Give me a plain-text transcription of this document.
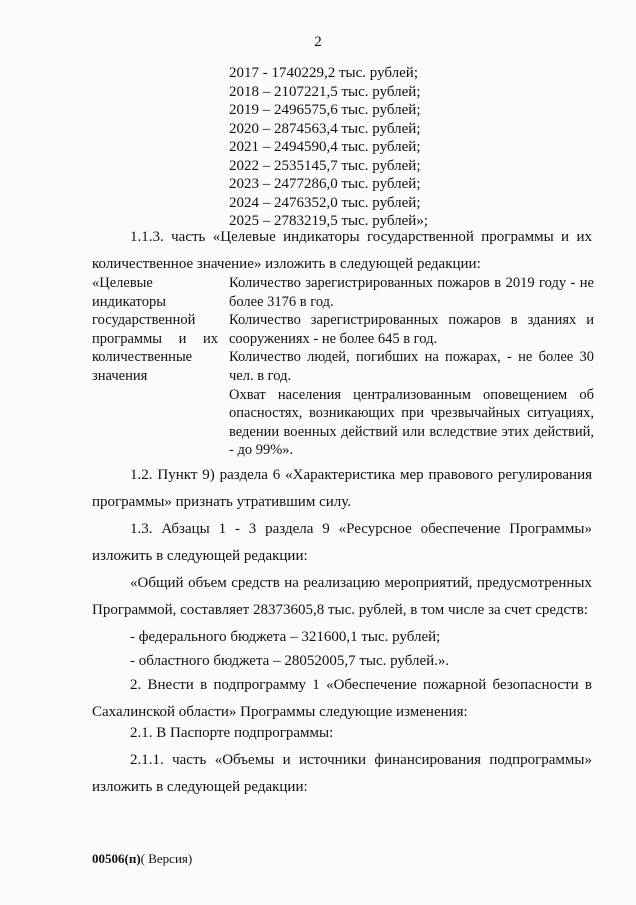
2
2017 - 1740229,2 тыс. рублей;
2018 – 2107221,5 тыс. рублей;
2019 – 2496575,6 тыс. рублей;
2020 – 2874563,4 тыс. рублей;
2021 – 2494590,4 тыс. рублей;
2022 – 2535145,7 тыс. рублей;
2023 – 2477286,0 тыс. рублей;
2024 – 2476352,0 тыс. рублей;
2025 – 2783219,5 тыс. рублей»;
1.1.3. часть «Целевые индикаторы государственной программы и их количественное значение» изложить в следующей редакции:
«Целевые индикаторы государственной программы и их количественные значения
Количество зарегистрированных пожаров в 2019 году - не более 3176 в год.
Количество зарегистрированных пожаров в зданиях и сооружениях - не более 645 в год.
Количество людей, погибших на пожарах, - не более 30 чел. в год.
Охват населения централизованным оповещением об опасностях, возникающих при чрезвычайных ситуациях, ведении военных действий или вследствие этих действий, - до 99%».
1.2. Пункт 9) раздела 6 «Характеристика мер правового регулирования программы» признать утратившим силу.
1.3. Абзацы 1 - 3 раздела 9 «Ресурсное обеспечение Программы» изложить в следующей редакции:
«Общий объем средств на реализацию мероприятий, предусмотренных Программой, составляет 28373605,8 тыс. рублей, в том числе за счет средств:
- федерального бюджета – 321600,1 тыс. рублей;
- областного бюджета – 28052005,7 тыс. рублей.».
2. Внести в подпрограмму 1 «Обеспечение пожарной безопасности в Сахалинской области» Программы следующие изменения:
2.1. В Паспорте подпрограммы:
2.1.1. часть «Объемы и источники финансирования подпрограммы» изложить в следующей редакции:
00506(п)( Версия)
